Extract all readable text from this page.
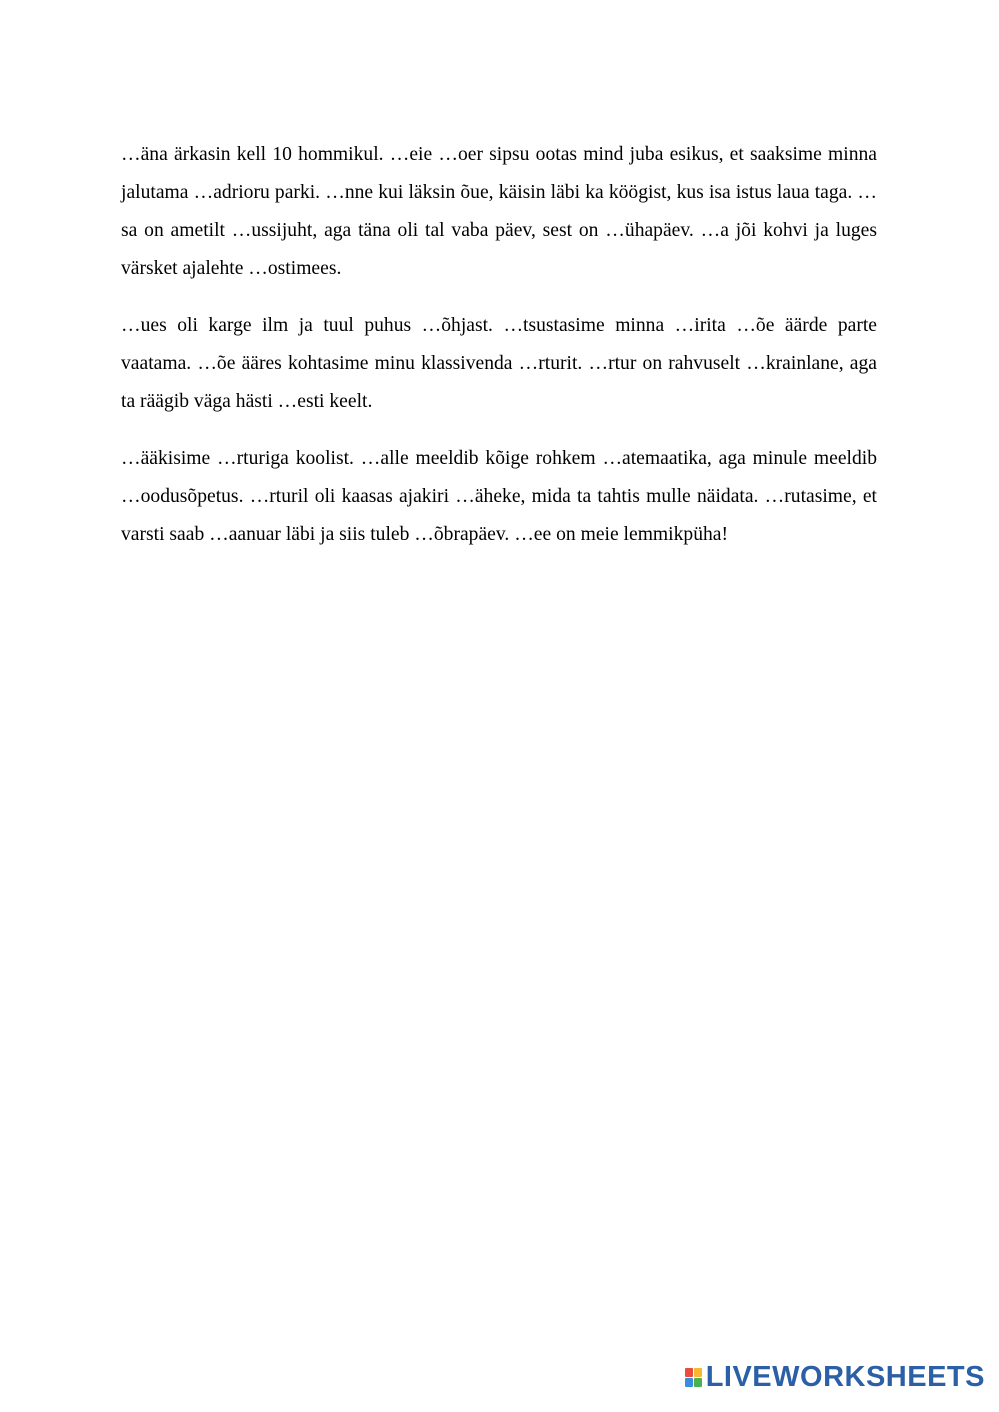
…äna ärkasin kell 10 hommikul. …eie …oer sipsu ootas mind juba esikus, et saaksime minna jalutama …adrioru parki. …nne kui läksin õue, käisin läbi ka köögist, kus isa istus laua taga. …sa on ametilt …ussijuht, aga täna oli tal vaba päev, sest on …ühapäev. …a jõi kohvi ja luges värsket ajalehte …ostimees.

…ues oli karge ilm ja tuul puhus …õhjast. …tsustasime minna …irita …õe äärde parte vaatama. …õe ääres kohtasime minu klassivenda …rturit. …rtur on rahvuselt …krainlane, aga ta räägib väga hästi …esti keelt.

…ääkisime …rturiga koolist. …alle meeldib kõige rohkem …atemaatika, aga minule meeldib …oodusõpetus. …rturil oli kaasas ajakiri …äheke, mida ta tahtis mulle näidata. …rutasime, et varsti saab …aanuar läbi ja siis tuleb …õbrapäev. …ee on meie lemmikpüha!

LIVEWORKSHEETS
